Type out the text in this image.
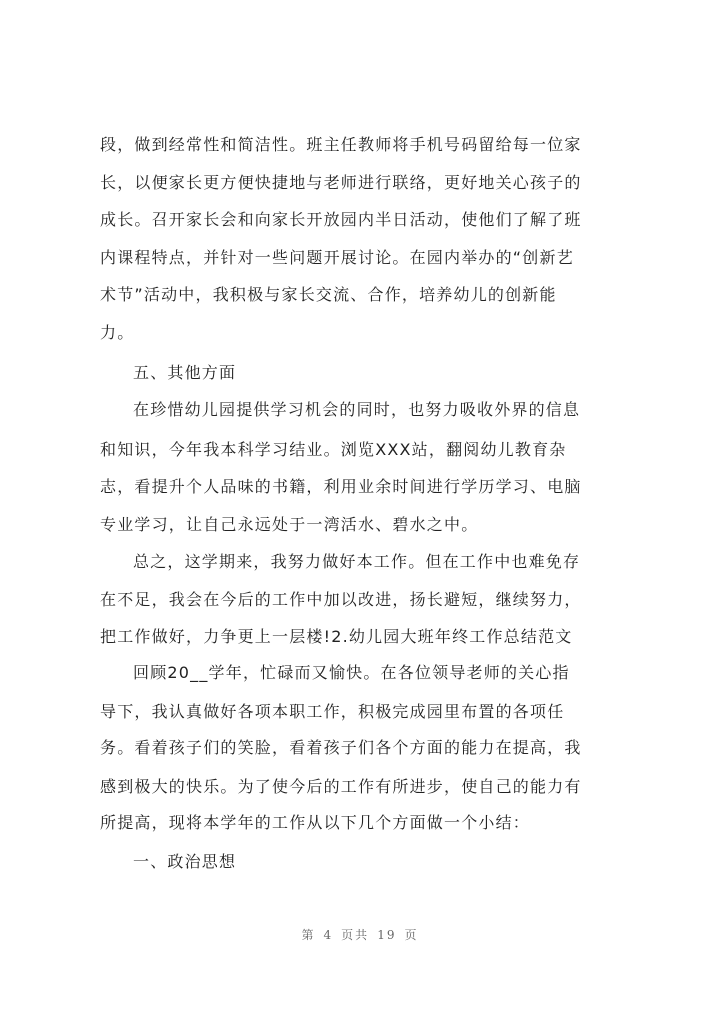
段，做到经常性和简洁性。班主任教师将手机号码留给每一位家
长，以便家长更方便快捷地与老师进行联络，更好地关心孩子的
成长。召开家长会和向家长开放园内半日活动，使他们了解了班
内课程特点，并针对一些问题开展讨论。在园内举办的“创新艺
术节”活动中，我积极与家长交流、合作，培养幼儿的创新能
力。
五、其他方面
在珍惜幼儿园提供学习机会的同时，也努力吸收外界的信息
和知识，今年我本科学习结业。浏览XXX站，翻阅幼儿教育杂
志，看提升个人品味的书籍，利用业余时间进行学历学习、电脑
专业学习，让自己永远处于一湾活水、碧水之中。
总之，这学期来，我努力做好本工作。但在工作中也难免存
在不足，我会在今后的工作中加以改进，扬长避短，继续努力，
把工作做好，力争更上一层楼!2.幼儿园大班年终工作总结范文
回顾20__学年，忙碌而又愉快。在各位领导老师的关心指
导下，我认真做好各项本职工作，积极完成园里布置的各项任
务。看着孩子们的笑脸，看着孩子们各个方面的能力在提高，我
感到极大的快乐。为了使今后的工作有所进步，使自己的能力有
所提高，现将本学年的工作从以下几个方面做一个小结：
一、政治思想
第 4 页共 19 页
